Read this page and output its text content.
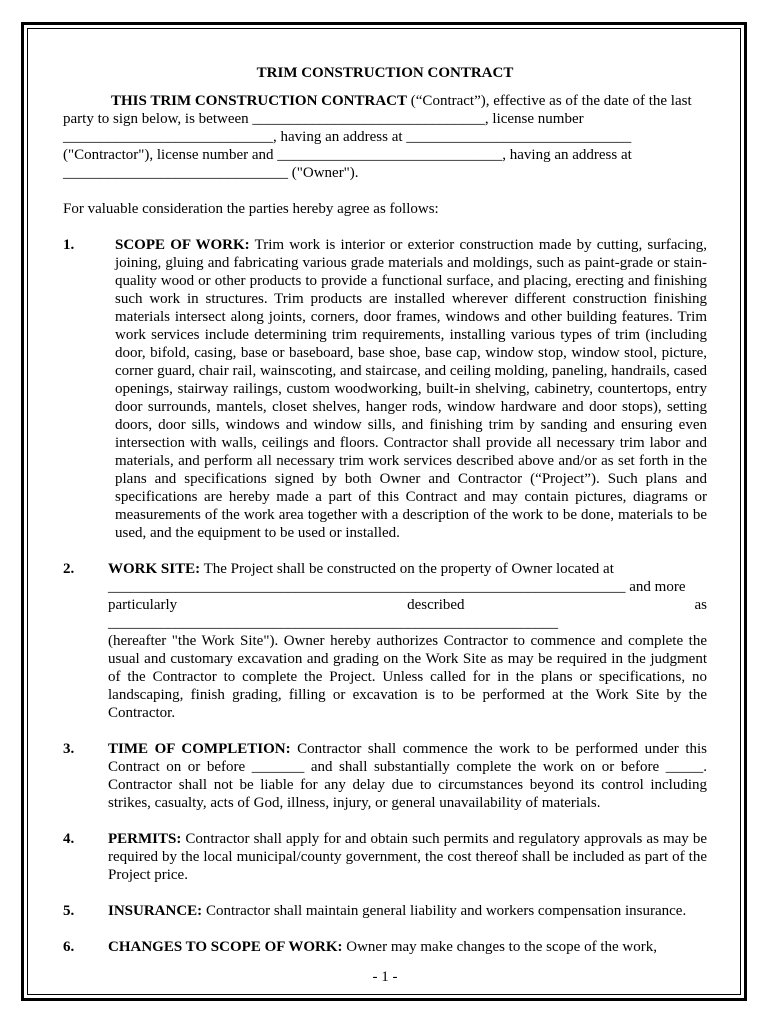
TRIM CONSTRUCTION CONTRACT

THIS TRIM CONSTRUCTION CONTRACT (“Contract”), effective as of the date of the last

party to sign below, is between _______________________________, license number

____________________________, having an address at ______________________________

("Contractor"), license number and ______________________________, having an address at

______________________________ ("Owner").

For valuable consideration the parties hereby agree as follows:

1.	SCOPE OF WORK: Trim work is interior or exterior construction made by cutting, surfacing, joining, gluing and fabricating various grade materials and moldings, such as paint-grade or stain-quality wood or other products to provide a functional surface, and placing, erecting and finishing such work in structures. Trim products are installed wherever different construction finishing materials intersect along joints, corners, door frames, windows and other building features. Trim work services include determining trim requirements, installing various types of trim (including door, bifold, casing, base or baseboard, base shoe, base cap, window stop, window stool, picture, corner guard, chair rail, wainscoting, and staircase, and ceiling molding, paneling, handrails, cased openings, stairway railings, custom woodworking, built-in shelving, cabinetry, countertops, entry door surrounds, mantels, closet shelves, hanger rods, window hardware and door stops), setting doors, door sills, windows and window sills, and finishing trim by sanding and ensuring even intersection with walls, ceilings and floors. Contractor shall provide all necessary trim labor and materials, and perform all necessary trim work services described above and/or as set forth in the plans and specifications signed by both Owner and Contractor (“Project”). Such plans and specifications are hereby made a part of this Contract and may contain pictures, diagrams or measurements of the work area together with a description of the work to be done, materials to be used, and the equipment to be used or installed.
2. WORK SITE: The Project shall be constructed on the property of Owner located at

_____________________________________________________________________ and more

particularly described as ____________________________________________________________

(hereafter "the Work Site"). Owner hereby authorizes Contractor to commence and complete the usual and customary excavation and grading on the Work Site as may be required in the judgment of the Contractor to complete the Project. Unless called for in the plans or specifications, no landscaping, finish grading, filling or excavation is to be performed at the Work Site by the Contractor.

3. TIME OF COMPLETION: Contractor shall commence the work to be performed under this Contract on or before _______ and shall substantially complete the work on or before _____. Contractor shall not be liable for any delay due to circumstances beyond its control including strikes, casualty, acts of God, illness, injury, or general unavailability of materials.
4. PERMITS: Contractor shall apply for and obtain such permits and regulatory approvals as may be required by the local municipal/county government, the cost thereof shall be included as part of the Project price.
5. INSURANCE: Contractor shall maintain general liability and workers compensation insurance.
6. CHANGES TO SCOPE OF WORK: Owner may make changes to the scope of the work,
- 1 -
